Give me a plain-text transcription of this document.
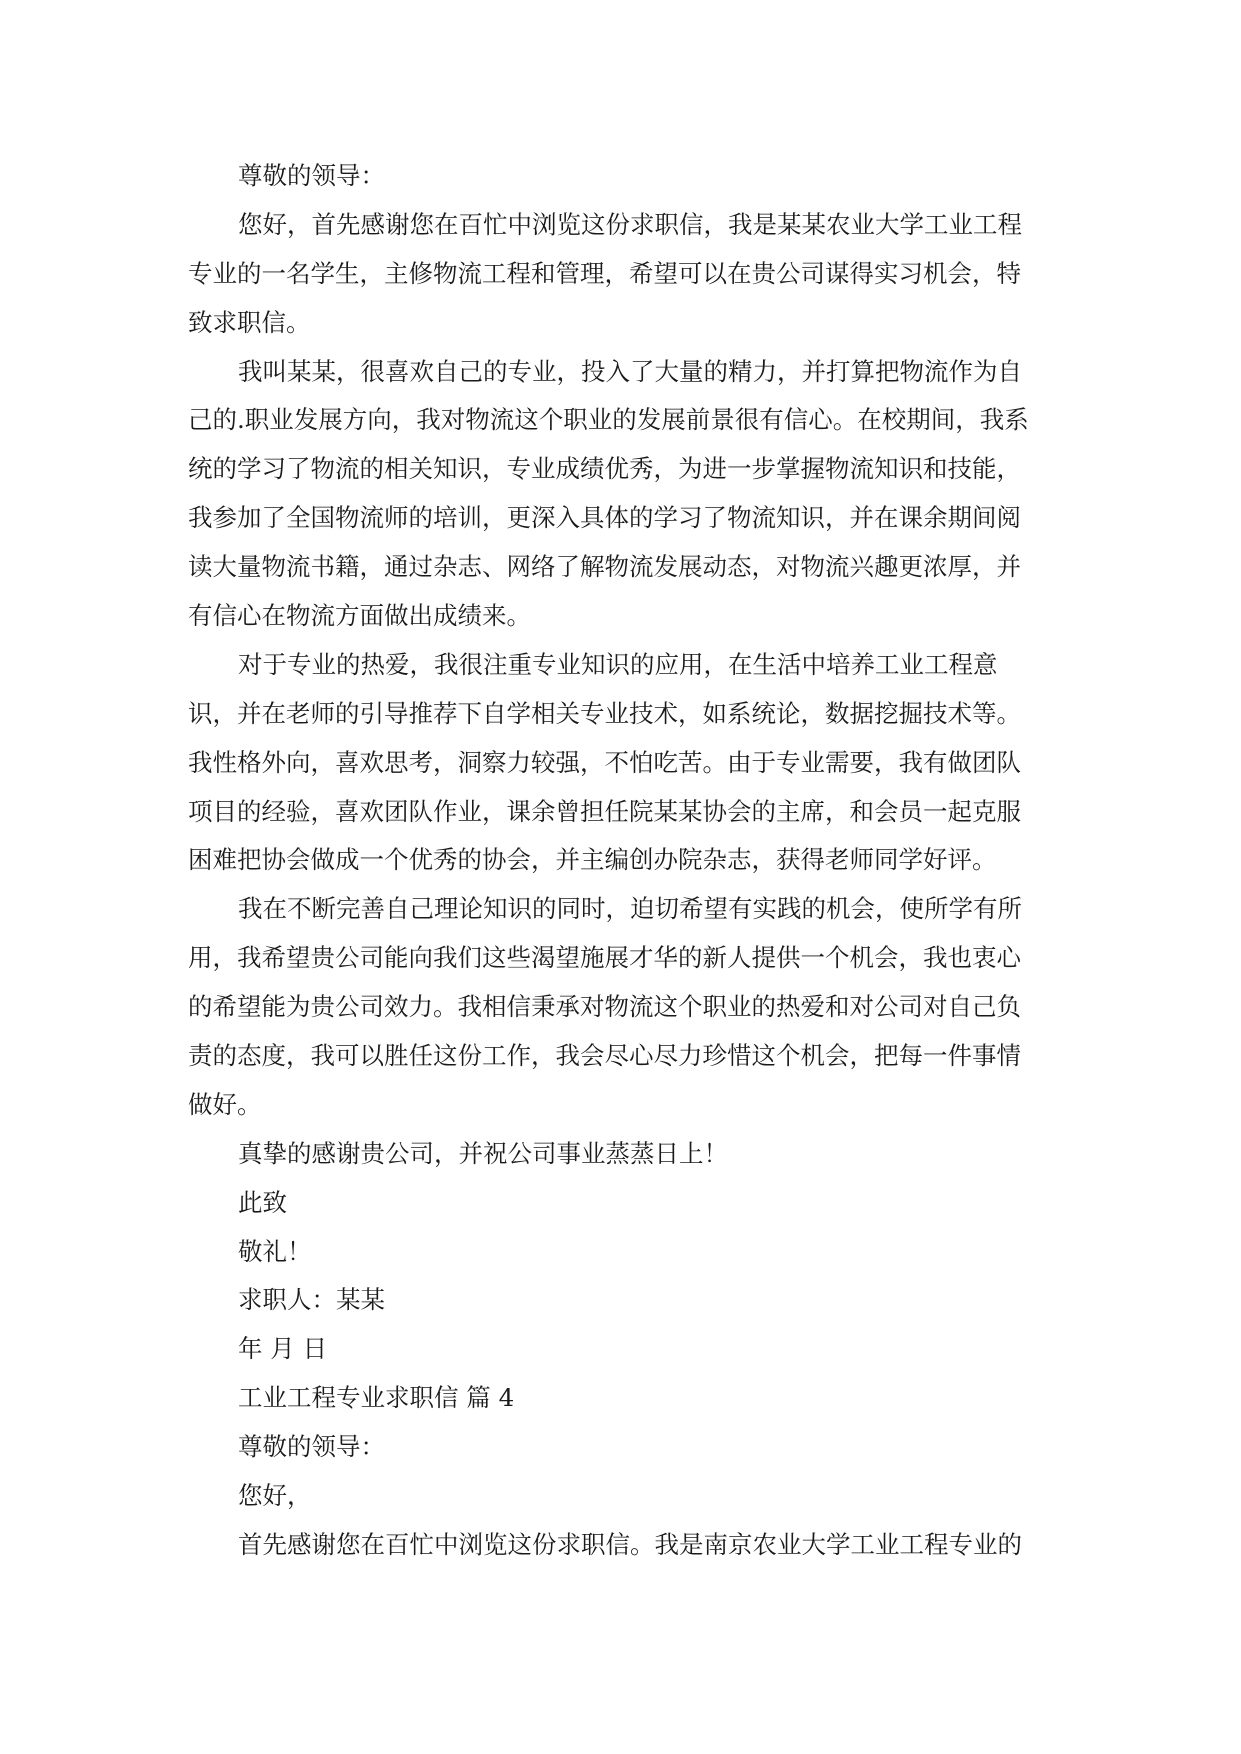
尊敬的领导：
您好，首先感谢您在百忙中浏览这份求职信，我是某某农业大学工业工程
专业的一名学生，主修物流工程和管理，希望可以在贵公司谋得实习机会，特
致求职信。
我叫某某，很喜欢自己的专业，投入了大量的精力，并打算把物流作为自
己的.职业发展方向，我对物流这个职业的发展前景很有信心。在校期间，我系
统的学习了物流的相关知识，专业成绩优秀，为进一步掌握物流知识和技能，
我参加了全国物流师的培训，更深入具体的学习了物流知识，并在课余期间阅
读大量物流书籍，通过杂志、网络了解物流发展动态，对物流兴趣更浓厚，并
有信心在物流方面做出成绩来。
对于专业的热爱，我很注重专业知识的应用，在生活中培养工业工程意
识，并在老师的引导推荐下自学相关专业技术，如系统论，数据挖掘技术等。
我性格外向，喜欢思考，洞察力较强，不怕吃苦。由于专业需要，我有做团队
项目的经验，喜欢团队作业，课余曾担任院某某协会的主席，和会员一起克服
困难把协会做成一个优秀的协会，并主编创办院杂志，获得老师同学好评。
我在不断完善自己理论知识的同时，迫切希望有实践的机会，使所学有所
用，我希望贵公司能向我们这些渴望施展才华的新人提供一个机会，我也衷心
的希望能为贵公司效力。我相信秉承对物流这个职业的热爱和对公司对自己负
责的态度，我可以胜任这份工作，我会尽心尽力珍惜这个机会，把每一件事情
做好。
真挚的感谢贵公司，并祝公司事业蒸蒸日上！
此致
敬礼！
求职人：某某
年 月 日
工业工程专业求职信 篇 4
尊敬的领导：
您好，
首先感谢您在百忙中浏览这份求职信。我是南京农业大学工业工程专业的
